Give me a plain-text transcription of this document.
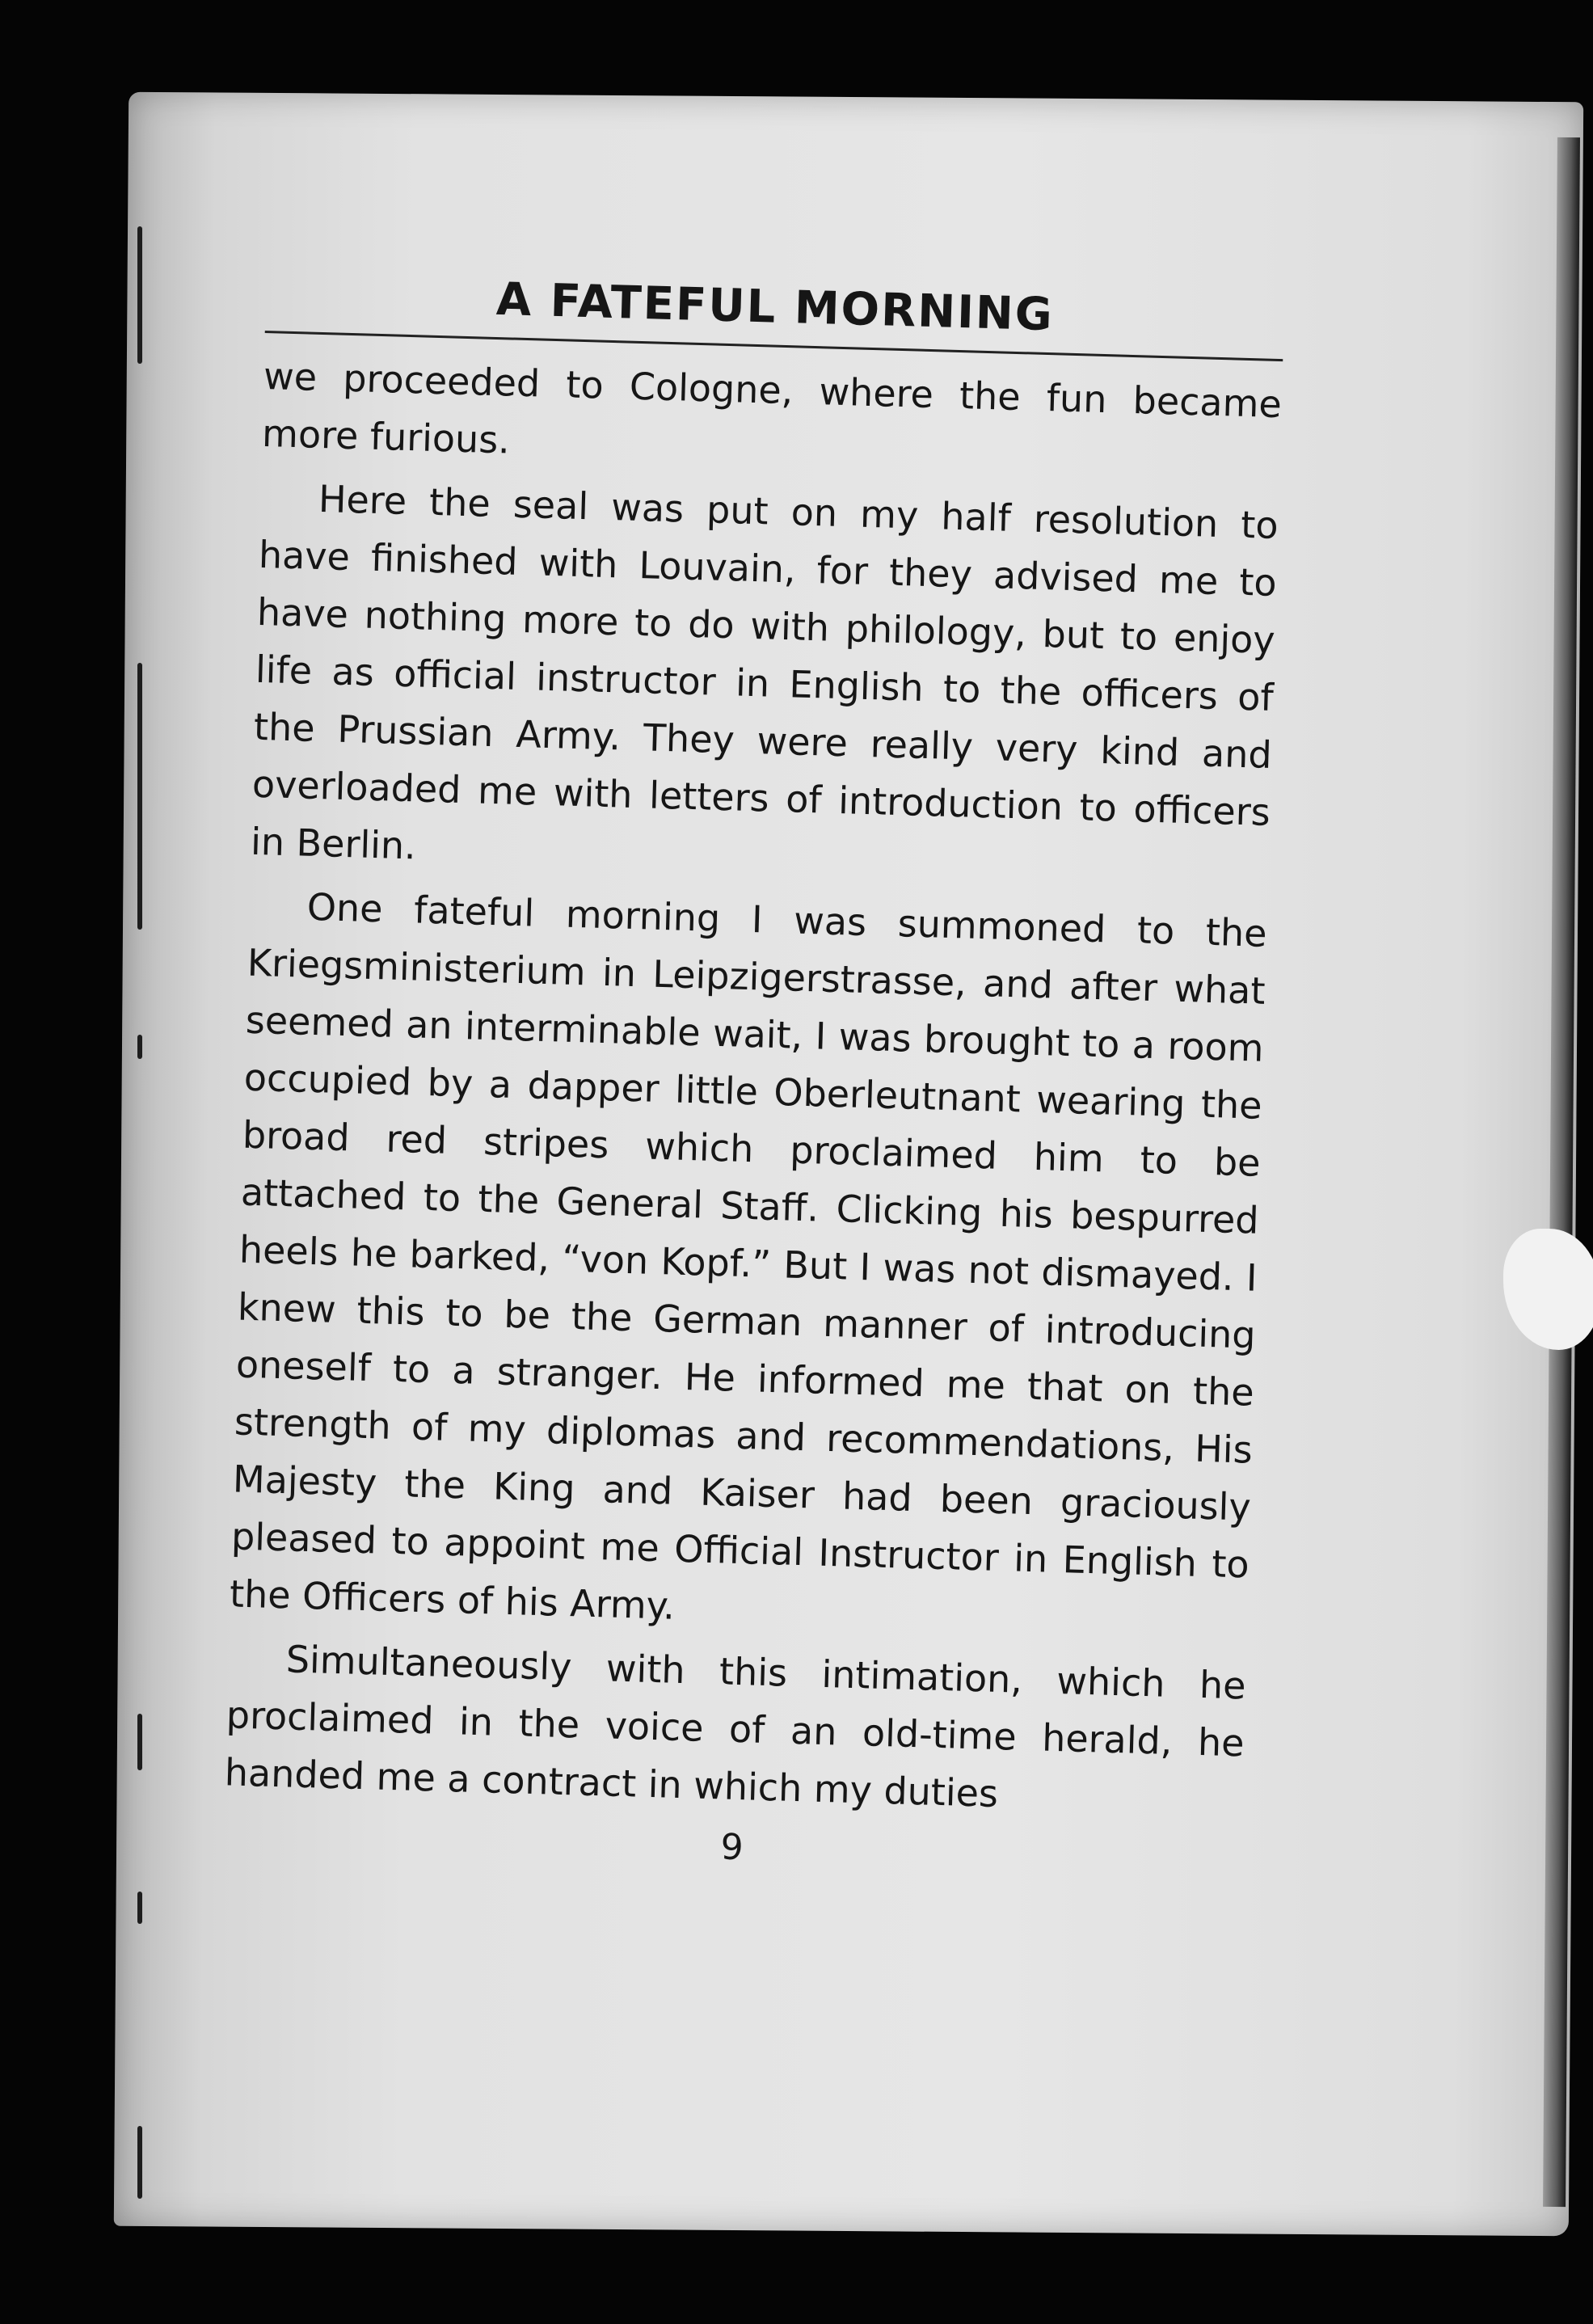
A FATEFUL MORNING

we proceeded to Cologne, where the fun became more furious.

Here the seal was put on my half resolution to have finished with Louvain, for they advised me to have nothing more to do with philology, but to enjoy life as official instructor in English to the officers of the Prussian Army. They were really very kind and overloaded me with letters of introduction to officers in Berlin.

One fateful morning I was summoned to the Kriegsministerium in Leipzigerstrasse, and after what seemed an interminable wait, I was brought to a room occupied by a dapper little Oberleutnant wearing the broad red stripes which proclaimed him to be attached to the General Staff. Clicking his bespurred heels he barked, “von Kopf.” But I was not dismayed. I knew this to be the German manner of introducing oneself to a stranger. He informed me that on the strength of my diplomas and recommendations, His Majesty the King and Kaiser had been graciously pleased to appoint me Official Instructor in English to the Officers of his Army.

Simultaneously with this intimation, which he proclaimed in the voice of an old-time herald, he handed me a contract in which my duties

9
